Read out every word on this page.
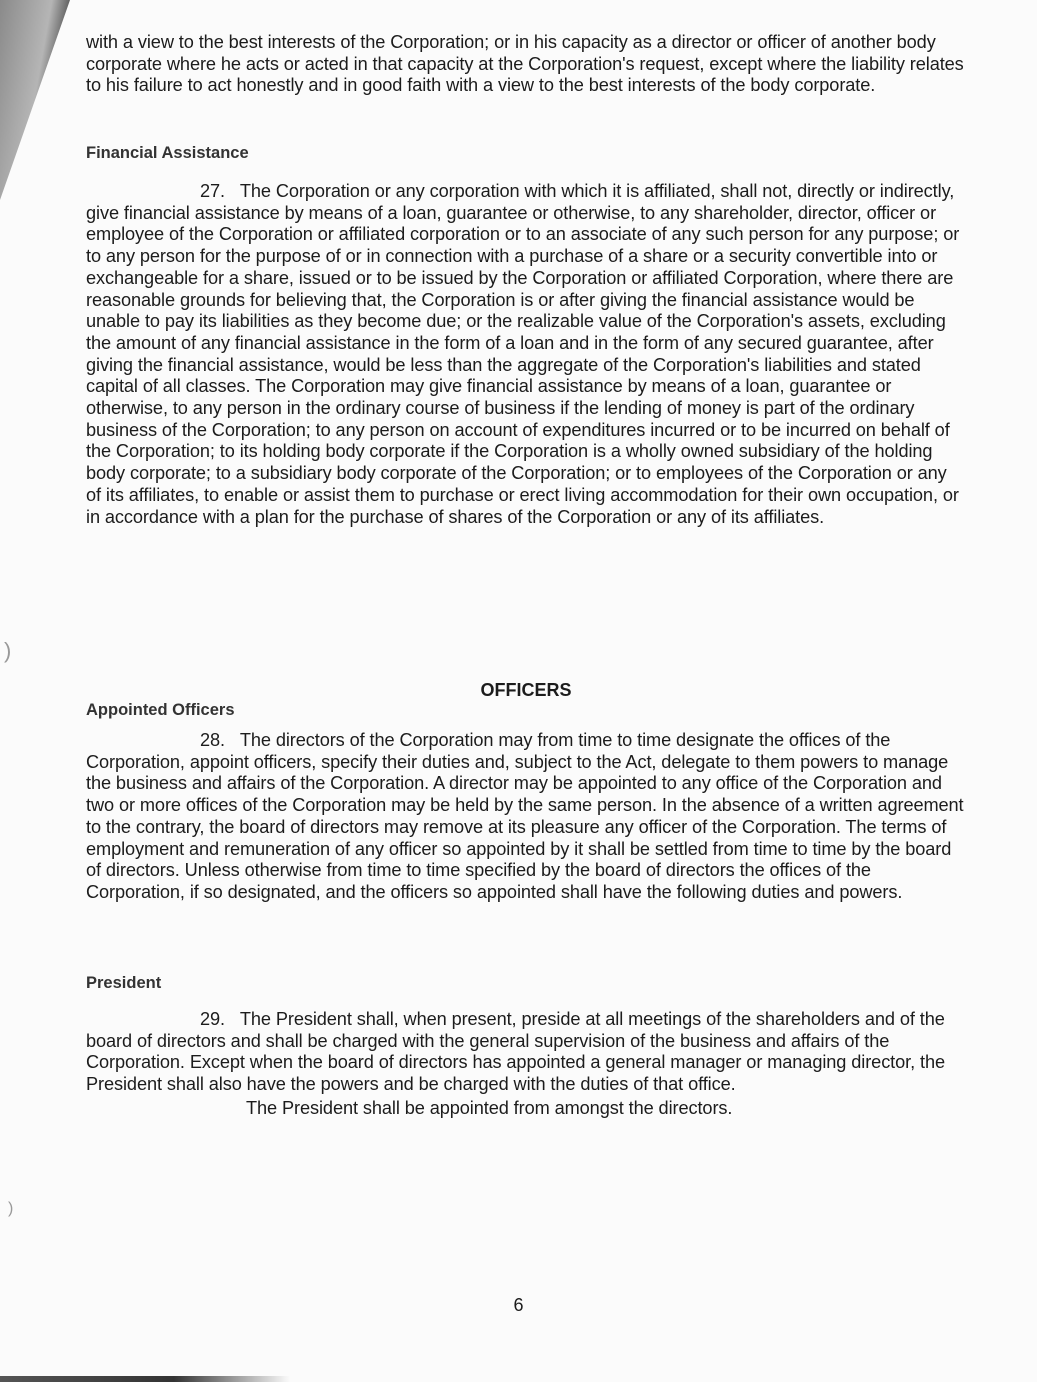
)
)

with a view to the best interests of the Corporation; or in his capacity as a director or officer of another body corporate where he acts or acted in that capacity at the Corporation's request, except where the liability relates to his failure to act honestly and in good faith with a view to the best interests of the body corporate.

Financial Assistance

27. The Corporation or any corporation with which it is affiliated, shall not, directly or indirectly, give financial assistance by means of a loan, guarantee or otherwise, to any shareholder, director, officer or employee of the Corporation or affiliated corporation or to an associate of any such person for any purpose; or to any person for the purpose of or in connection with a purchase of a share or a security convertible into or exchangeable for a share, issued or to be issued by the Corporation or affiliated Corporation, where there are reasonable grounds for believing that, the Corporation is or after giving the financial assistance would be unable to pay its liabilities as they become due; or the realizable value of the Corporation's assets, excluding the amount of any financial assistance in the form of a loan and in the form of any secured guarantee, after giving the financial assistance, would be less than the aggregate of the Corporation's liabilities and stated capital of all classes. The Corporation may give financial assistance by means of a loan, guarantee or otherwise, to any person in the ordinary course of business if the lending of money is part of the ordinary business of the Corporation; to any person on account of expenditures incurred or to be incurred on behalf of the Corporation; to its holding body corporate if the Corporation is a wholly owned subsidiary of the holding body corporate; to a subsidiary body corporate of the Corporation; or to employees of the Corporation or any of its affiliates, to enable or assist them to purchase or erect living accommodation for their own occupation, or in accordance with a plan for the purchase of shares of the Corporation or any of its affiliates.

OFFICERS
Appointed Officers

28. The directors of the Corporation may from time to time designate the offices of the Corporation, appoint officers, specify their duties and, subject to the Act, delegate to them powers to manage the business and affairs of the Corporation. A director may be appointed to any office of the Corporation and two or more offices of the Corporation may be held by the same person. In the absence of a written agreement to the contrary, the board of directors may remove at its pleasure any officer of the Corporation. The terms of employment and remuneration of any officer so appointed by it shall be settled from time to time by the board of directors. Unless otherwise from time to time specified by the board of directors the offices of the Corporation, if so designated, and the officers so appointed shall have the following duties and powers.

President

29. The President shall, when present, preside at all meetings of the shareholders and of the board of directors and shall be charged with the general supervision of the business and affairs of the Corporation. Except when the board of directors has appointed a general manager or managing director, the President shall also have the powers and be charged with the duties of that office.

The President shall be appointed from amongst the directors.

6
